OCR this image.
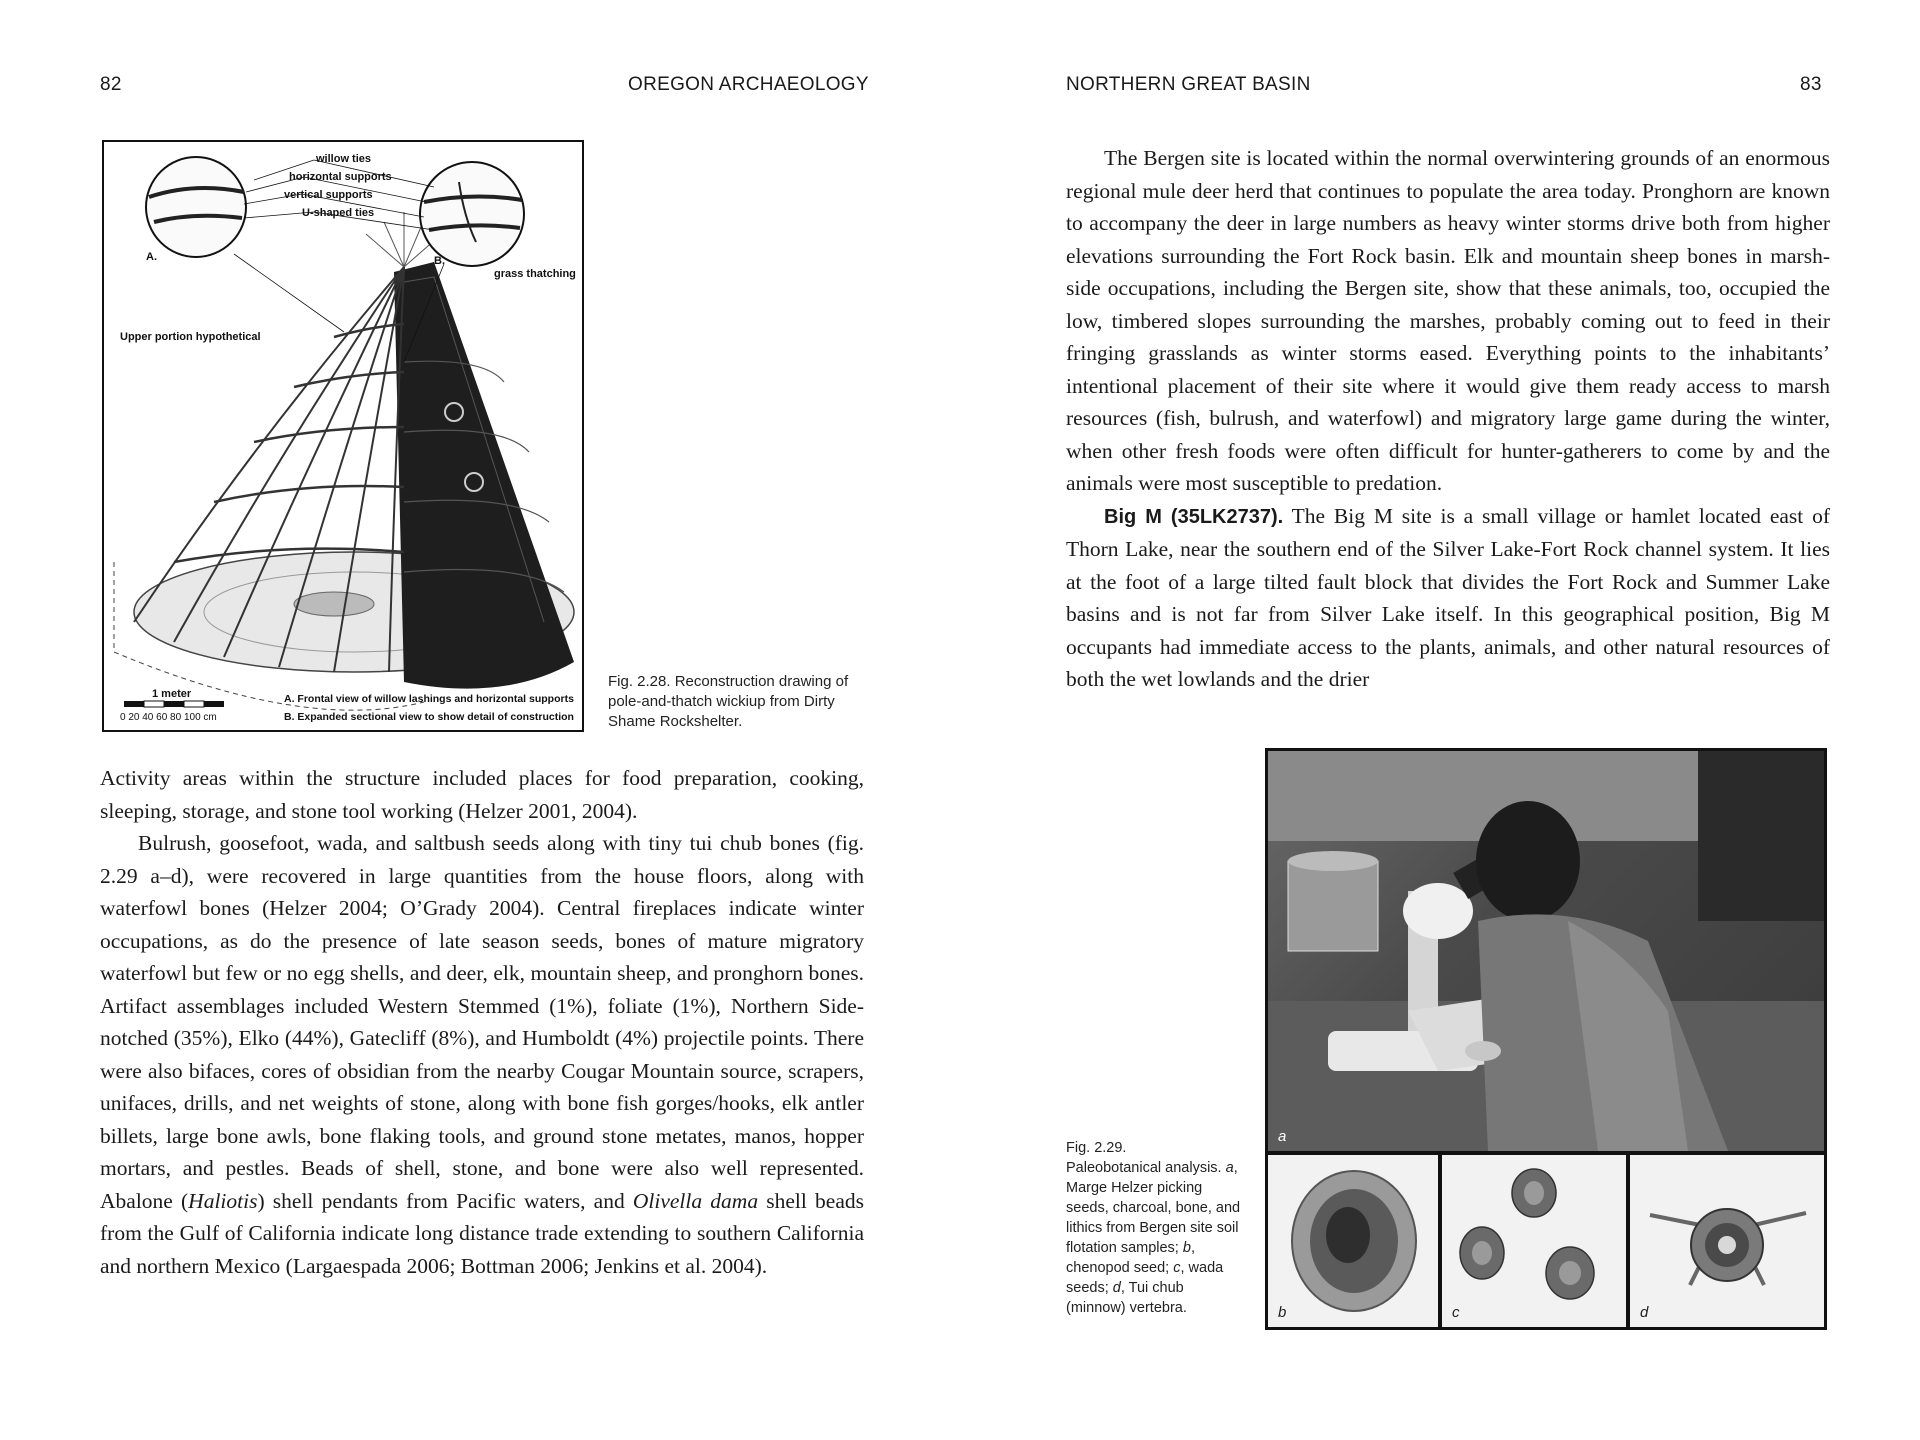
82	OREGON ARCHAEOLOGY
willow ties
horizontal supports
vertical supports
U-shaped ties
grass thatching
Upper portion hypothetical
A.	B.
1 meter
0 20 40 60 80 100 cm
A. Frontal view of willow lashings and horizontal supports
B. Expanded sectional view to show detail of construction
Fig. 2.28. Reconstruction drawing of pole-and-thatch wickiup from Dirty Shame Rockshelter.

Activity areas within the structure included places for food preparation, cooking, sleeping, storage, and stone tool working (Helzer 2001, 2004).

Bulrush, goosefoot, wada, and saltbush seeds along with tiny tui chub bones (fig. 2.29 a–d), were recovered in large quantities from the house floors, along with waterfowl bones (Helzer 2004; O’Grady 2004). Central fireplaces indicate winter occupations, as do the presence of late season seeds, bones of mature migratory waterfowl but few or no egg shells, and deer, elk, mountain sheep, and pronghorn bones. Artifact assemblages included Western Stemmed (1%), foliate (1%), Northern Side-notched (35%), Elko (44%), Gatecliff (8%), and Humboldt (4%) projectile points. There were also bifaces, cores of obsidian from the nearby Cougar Mountain source, scrapers, unifaces, drills, and net weights of stone, along with bone fish gorges/hooks, elk antler billets, large bone awls, bone flaking tools, and ground stone metates, manos, hopper mortars, and pestles. Beads of shell, stone, and bone were also well represented. Abalone (Haliotis) shell pendants from Pacific waters, and Olivella dama shell beads from the Gulf of California indicate long distance trade extending to southern California and northern Mexico (Largaespada 2006; Bottman 2006; Jenkins et al. 2004).

NORTHERN GREAT BASIN	83

The Bergen site is located within the normal overwintering grounds of an enormous regional mule deer herd that continues to populate the area today. Pronghorn are known to accompany the deer in large numbers as heavy winter storms drive both from higher elevations surrounding the Fort Rock basin. Elk and mountain sheep bones in marsh-side occupations, including the Bergen site, show that these animals, too, occupied the low, timbered slopes surrounding the marshes, probably coming out to feed in their fringing grasslands as winter storms eased. Everything points to the inhabitants’ intentional placement of their site where it would give them ready access to marsh resources (fish, bulrush, and waterfowl) and migratory large game during the winter, when other fresh foods were often difficult for hunter-gatherers to come by and the animals were most susceptible to predation.

Big M (35LK2737). The Big M site is a small village or hamlet located east of Thorn Lake, near the southern end of the Silver Lake-Fort Rock channel system. It lies at the foot of a large tilted fault block that divides the Fort Rock and Summer Lake basins and is not far from Silver Lake itself. In this geographical position, Big M occupants had immediate access to the plants, animals, and other natural resources of both the wet lowlands and the drier

a
b	c	d
Fig. 2.29.
Paleobotanical analysis. a, Marge Helzer picking seeds, charcoal, bone, and lithics from Bergen site soil flotation samples; b, chenopod seed; c, wada seeds; d, Tui chub (minnow) vertebra.
